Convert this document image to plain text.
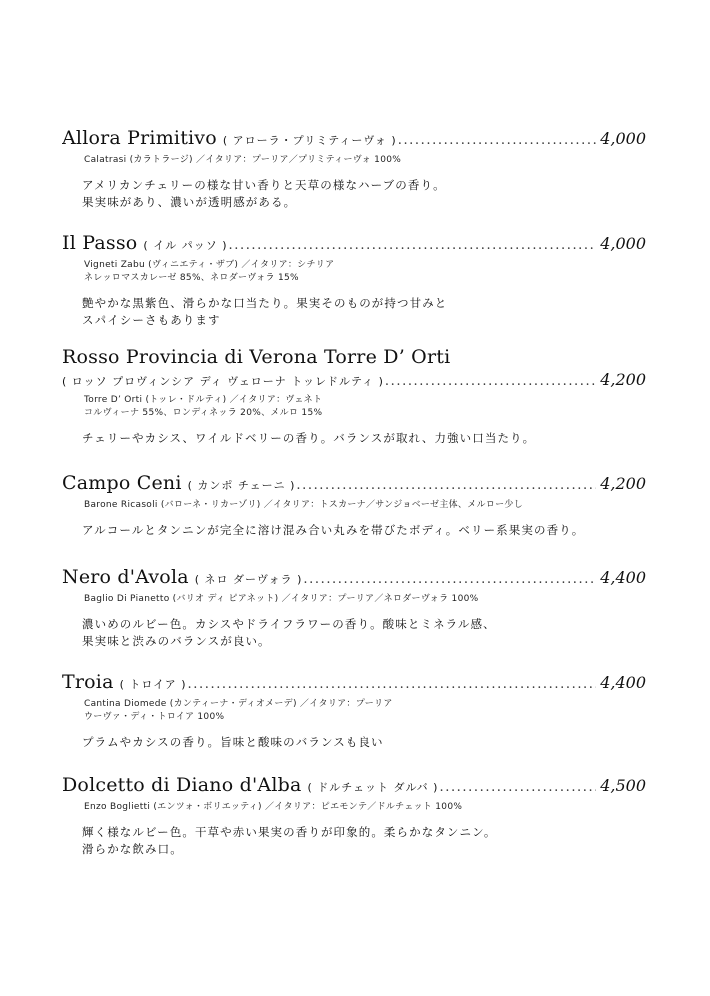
Allora Primitivo ( アローラ・プリミティーヴォ ) .....	4,000
Calatrasi (カラトラージ) ／イタリア：プーリア／プリミティーヴォ 100%
アメリカンチェリーの様な甘い香りと天草の様なハーブの香り。
果実味があり、濃いが透明感がある。
Il Passo ( イル パッソ ) .....	4,000
Vigneti Zabu (ヴィニエティ・ザブ) ／イタリア：シチリア
ネレッロマスカレーゼ 85%、ネロダーヴォラ 15%
艶やかな黒紫色、滑らかな口当たり。果実そのものが持つ甘みと
スパイシーさもあります
Rosso Provincia di Verona Torre D’ Orti
( ロッソ プロヴィンシア ディ ヴェローナ トッレドルティ ) .....	4,200
Torre D’ Orti (トッレ・ドルティ) ／イタリア：ヴェネト
コルヴィーナ 55%、ロンディネッラ 20%、メルロ 15%
チェリーやカシス、ワイルドベリーの香り。バランスが取れ、力強い口当たり。
Campo Ceni ( カンポ チェーニ ) .....	4,200
Barone Ricasoli (バローネ・リカーゾリ) ／イタリア：トスカーナ／サンジョベーゼ主体、メルロー少し
アルコールとタンニンが完全に溶け混み合い丸みを帯びたボディ。ベリー系果実の香り。
Nero d'Avola ( ネロ ダーヴォラ ) .....	4,400
Baglio Di Pianetto (バリオ ディ ピアネット) ／イタリア：プーリア／ネロダーヴォラ 100%
濃いめのルビー色。カシスやドライフラワーの香り。酸味とミネラル感、
果実味と渋みのバランスが良い。
Troia ( トロイア ) .....	4,400
Cantina Diomede (カンティーナ・ディオメーデ) ／イタリア：プーリア
ウーヴァ・ディ・トロイア 100%
プラムやカシスの香り。旨味と酸味のバランスも良い
Dolcetto di Diano d'Alba ( ドルチェット ダルバ ) .....	4,500
Enzo Boglietti (エンツォ・ボリエッティ) ／イタリア：ピエモンテ／ドルチェット 100%
輝く様なルビー色。干草や赤い果実の香りが印象的。柔らかなタンニン。
滑らかな飲み口。
